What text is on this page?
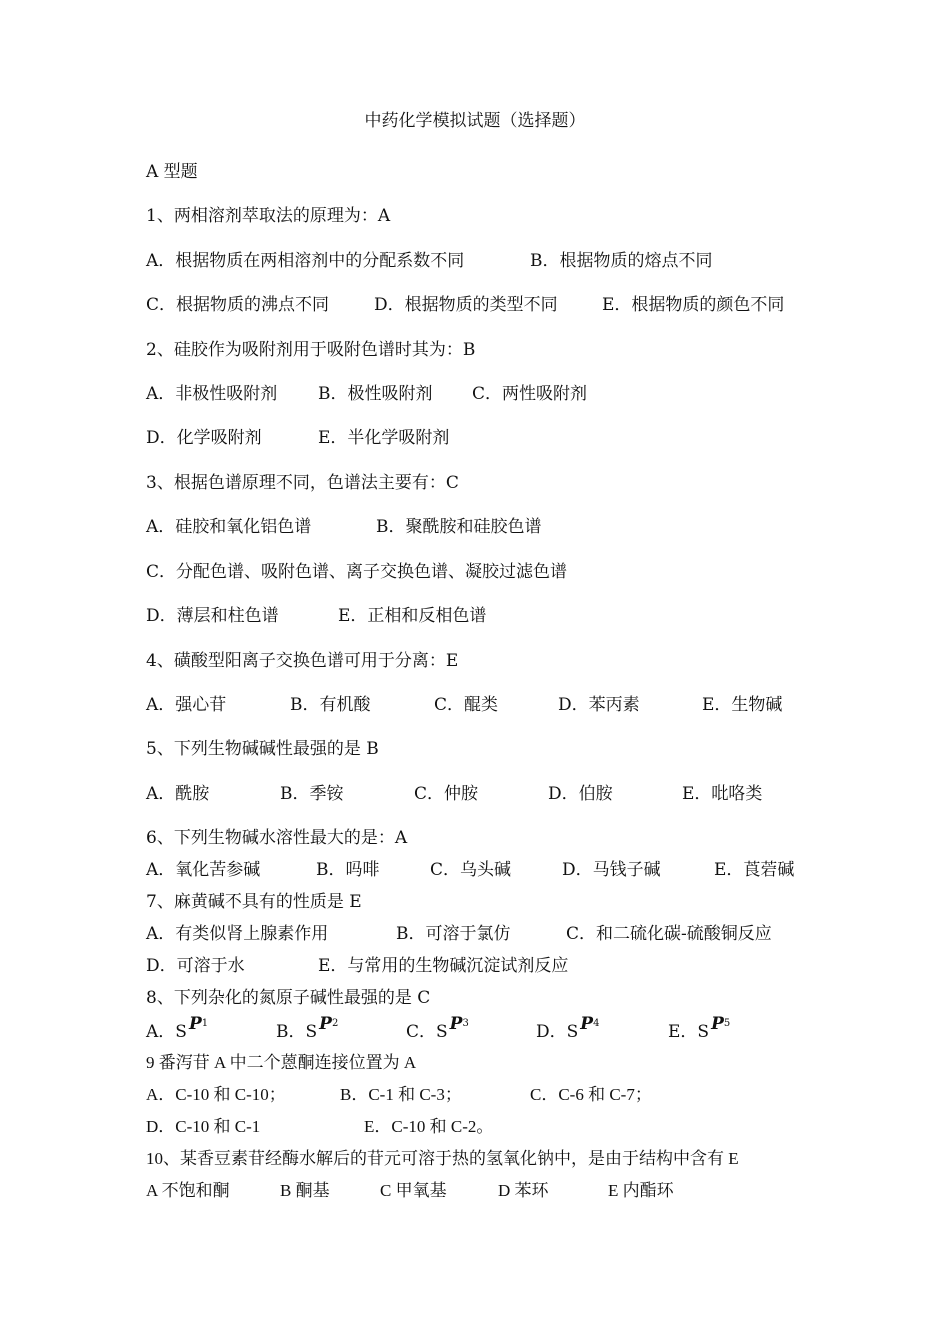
中药化学模拟试题（选择题）
A 型题
1、两相溶剂萃取法的原理为：A
A．根据物质在两相溶剂中的分配系数不同	B．根据物质的熔点不同
C．根据物质的沸点不同	D．根据物质的类型不同	E．根据物质的颜色不同
2、硅胶作为吸附剂用于吸附色谱时其为：B
A．非极性吸附剂 B．极性吸附剂 C．两性吸附剂
D．化学吸附剂	E．半化学吸附剂
3、根据色谱原理不同，色谱法主要有：C
A．硅胶和氧化铝色谱	B．聚酰胺和硅胶色谱
C．分配色谱、吸附色谱、离子交换色谱、凝胶过滤色谱
D．薄层和柱色谱	E．正相和反相色谱
4、磺酸型阳离子交换色谱可用于分离：E
A．强心苷	B．有机酸	C．醌类	D．苯丙素	E．生物碱
5、下列生物碱碱性最强的是 B
A．酰胺	B．季铵	C．仲胺	D．伯胺	E．吡咯类
6、下列生物碱水溶性最大的是：A
A．氧化苦参碱	B．吗啡	C．乌头碱	D．马钱子碱	E．莨菪碱
7、麻黄碱不具有的性质是 E
A．有类似肾上腺素作用	B．可溶于氯仿	C．和二硫化碳-硫酸铜反应
D．可溶于水	E．与常用的生物碱沉淀试剂反应
8、下列杂化的氮原子碱性最强的是 C
A．S $P^1$	B．S $P^2$	C．S $P^3$	D．S $P^4$	E．S $P^5$
9 番泻苷 A 中二个蒽酮连接位置为 A
A．C-10 和 C-10；	B．C-1 和 C-3；	C．C-6 和 C-7；
D．C-10 和 C-1	E．C-10 和 C-2。
10、某香豆素苷经酶水解后的苷元可溶于热的氢氧化钠中，是由于结构中含有 E
A 不饱和酮	B 酮基	C 甲氧基	D 苯环	E 内酯环
